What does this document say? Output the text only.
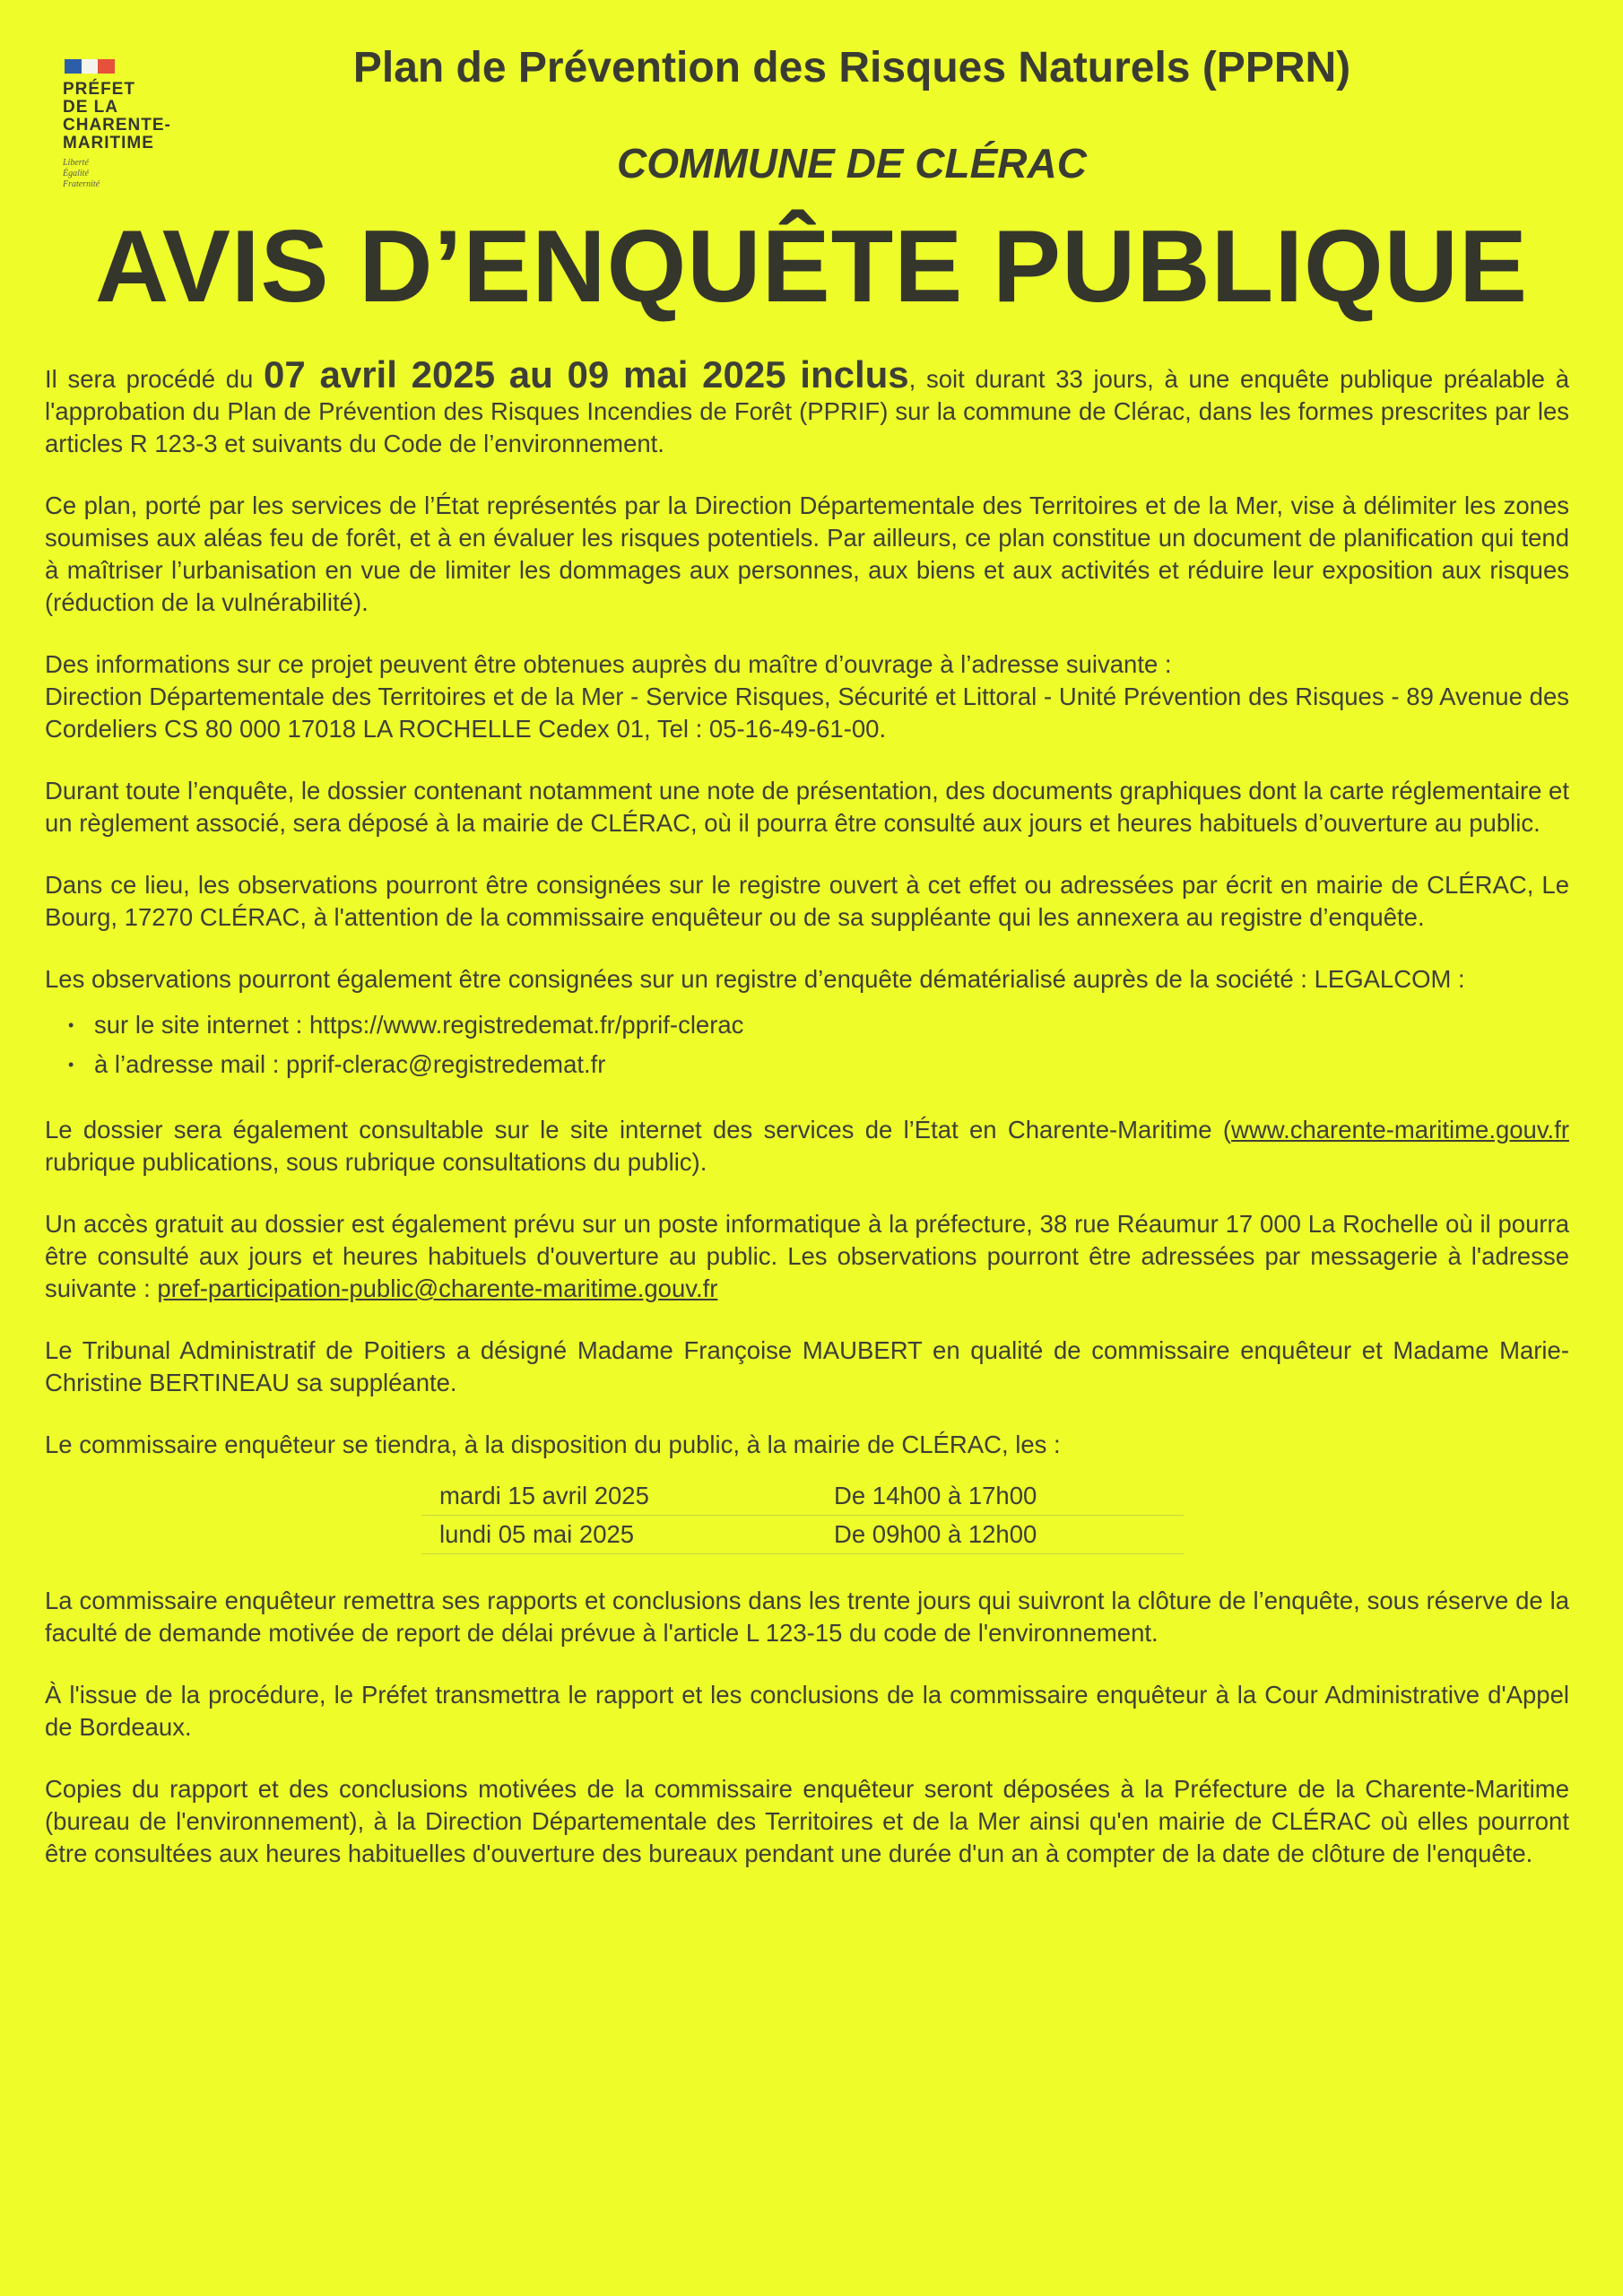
PRÉFET
DE LA
CHARENTE-
MARITIME
Liberté
Égalité
Fraternité
Plan de Prévention des Risques Naturels (PPRN)
COMMUNE DE CLÉRAC
AVIS D’ENQUÊTE PUBLIQUE

Il sera procédé du 07 avril 2025 au 09 mai 2025 inclus, soit durant 33 jours, à une enquête publique préalable à l'approbation du Plan de Prévention des Risques Incendies de Forêt (PPRIF) sur la commune de Clérac, dans les formes prescrites par les articles R 123-3 et suivants du Code de l’environnement.

Ce plan, porté par les services de l’État représentés par la Direction Départementale des Territoires et de la Mer, vise à délimiter les zones soumises aux aléas feu de forêt, et à en évaluer les risques potentiels. Par ailleurs, ce plan constitue un document de planification qui tend à maîtriser l’urbanisation en vue de limiter les dommages aux personnes, aux biens et aux activités et réduire leur exposition aux risques (réduction de la vulnérabilité).

Des informations sur ce projet peuvent être obtenues auprès du maître d’ouvrage à l’adresse suivante :
Direction Départementale des Territoires et de la Mer - Service Risques, Sécurité et Littoral - Unité Prévention des Risques - 89 Avenue des Cordeliers CS 80 000 17018 LA ROCHELLE Cedex 01, Tel : 05-16-49-61-00.

Durant toute l’enquête, le dossier contenant notamment une note de présentation, des documents graphiques dont la carte réglementaire et un règlement associé, sera déposé à la mairie de CLÉRAC, où il pourra être consulté aux jours et heures habituels d’ouverture au public.

Dans ce lieu, les observations pourront être consignées sur le registre ouvert à cet effet ou adressées par écrit en mairie de CLÉRAC, Le Bourg, 17270 CLÉRAC, à l'attention de la commissaire enquêteur ou de sa suppléante qui les annexera au registre d’enquête.

Les observations pourront également être consignées sur un registre d’enquête dématérialisé auprès de la société : LEGALCOM :

• sur le site internet : https://www.registredemat.fr/pprif-clerac
• à l’adresse mail : pprif-clerac@registredemat.fr

Le dossier sera également consultable sur le site internet des services de l’État en Charente-Maritime (www.charente-maritime.gouv.fr rubrique publications, sous rubrique consultations du public).

Un accès gratuit au dossier est également prévu sur un poste informatique à la préfecture, 38 rue Réaumur 17 000 La Rochelle où il pourra être consulté aux jours et heures habituels d'ouverture au public. Les observations pourront être adressées par messagerie à l'adresse suivante : pref-participation-public@charente-maritime.gouv.fr

Le Tribunal Administratif de Poitiers a désigné Madame Françoise MAUBERT en qualité de commissaire enquêteur et Madame Marie-Christine BERTINEAU sa suppléante.

Le commissaire enquêteur se tiendra, à la disposition du public, à la mairie de CLÉRAC, les :

mardi 15 avril 2025	De 14h00 à 17h00
lundi 05 mai 2025	De 09h00 à 12h00

La commissaire enquêteur remettra ses rapports et conclusions dans les trente jours qui suivront la clôture de l’enquête, sous réserve de la faculté de demande motivée de report de délai prévue à l'article L 123-15 du code de l'environnement.

À l'issue de la procédure, le Préfet transmettra le rapport et les conclusions de la commissaire enquêteur à la Cour Administrative d'Appel de Bordeaux.

Copies du rapport et des conclusions motivées de la commissaire enquêteur seront déposées à la Préfecture de la Charente-Maritime (bureau de l'environnement), à la Direction Départementale des Territoires et de la Mer ainsi qu'en mairie de CLÉRAC où elles pourront être consultées aux heures habituelles d'ouverture des bureaux pendant une durée d'un an à compter de la date de clôture de l'enquête.
